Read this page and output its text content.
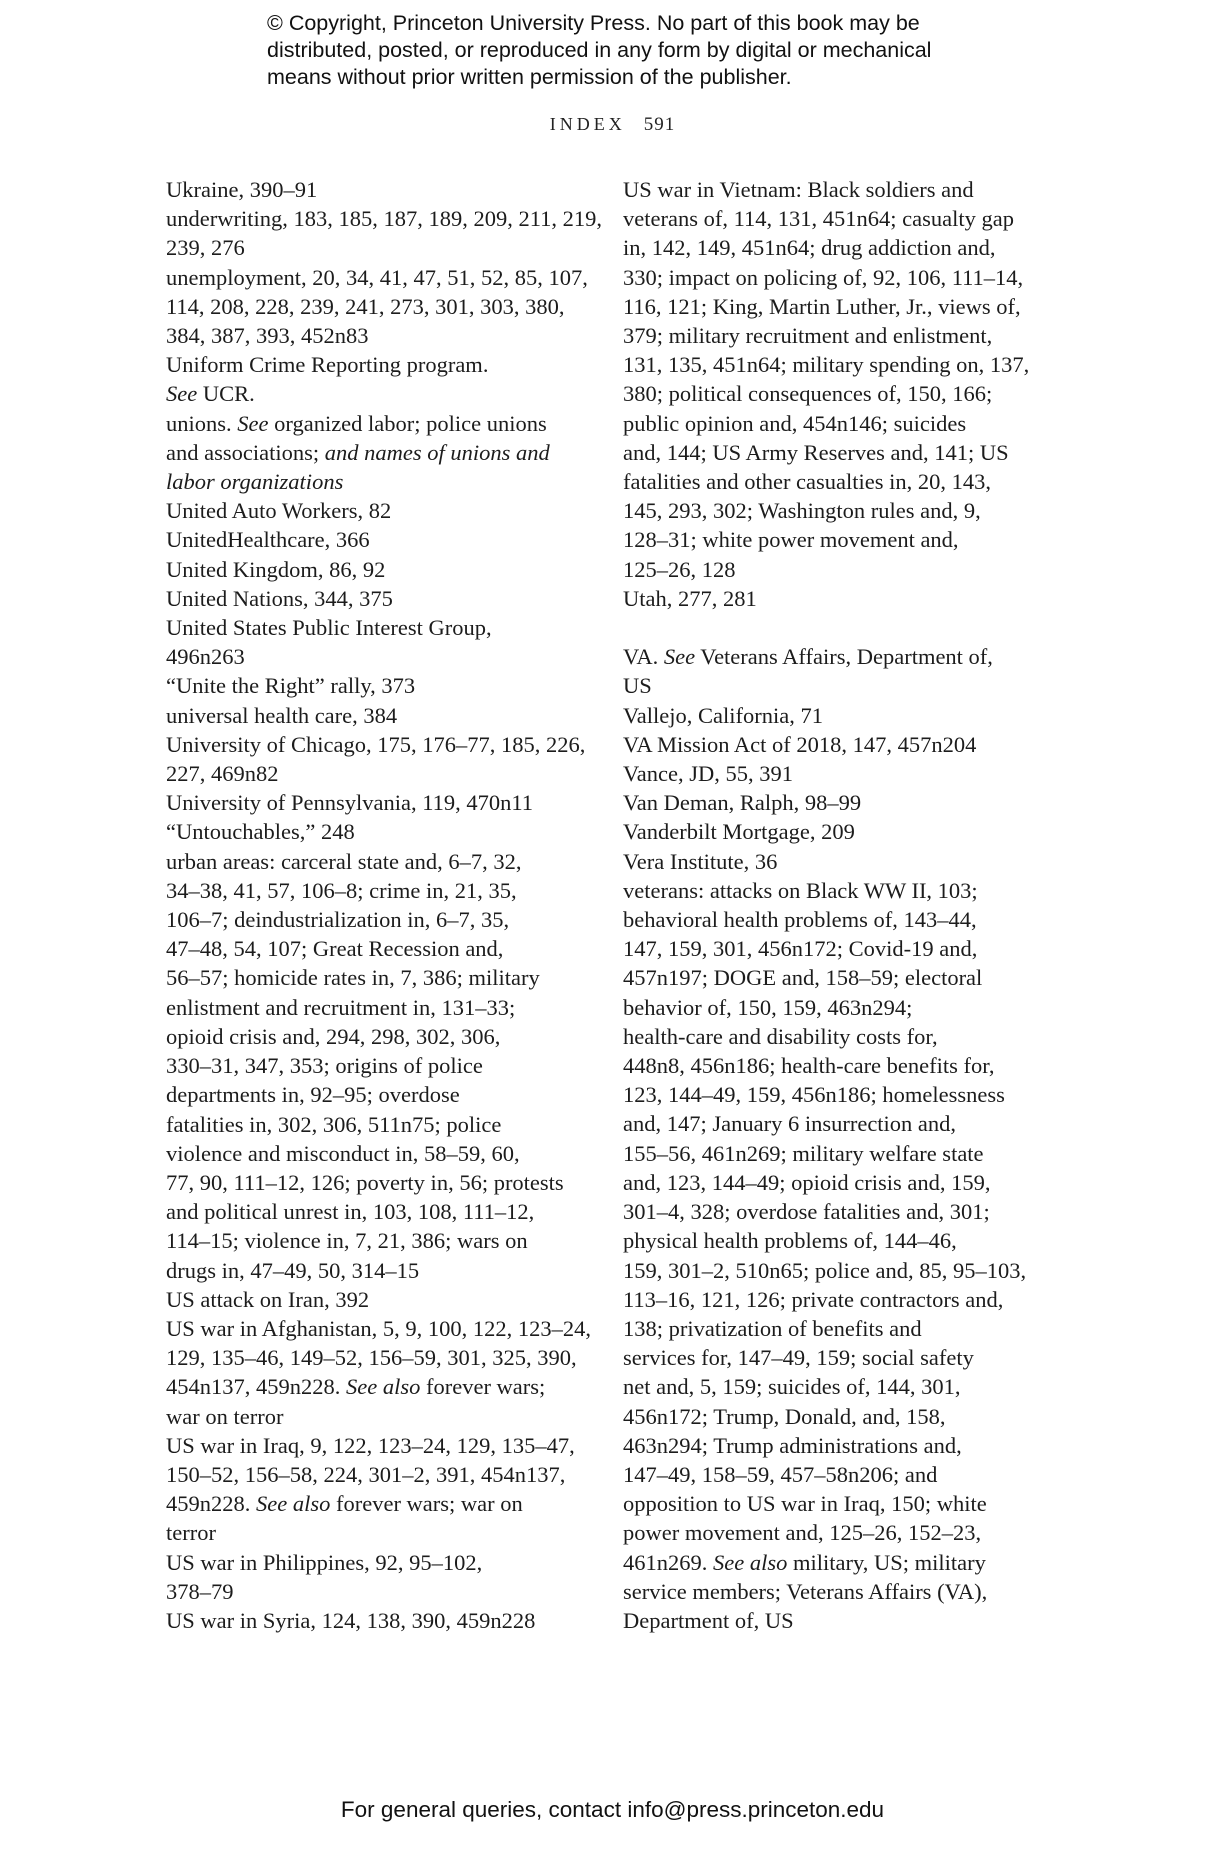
© Copyright, Princeton University Press. No part of this book may be
distributed, posted, or reproduced in any form by digital or mechanical
means without prior written permission of the publisher.
INDEX 591
Ukraine, 390–91
underwriting, 183, 185, 187, 189, 209, 211, 219,
239, 276
unemployment, 20, 34, 41, 47, 51, 52, 85, 107,
114, 208, 228, 239, 241, 273, 301, 303, 380,
384, 387, 393, 452n83
Uniform Crime Reporting program.
See UCR.
unions. See organized labor; police unions
and associations; and names of unions and
labor organizations
United Auto Workers, 82
UnitedHealthcare, 366
United Kingdom, 86, 92
United Nations, 344, 375
United States Public Interest Group,
496n263
“Unite the Right” rally, 373
universal health care, 384
University of Chicago, 175, 176–77, 185, 226,
227, 469n82
University of Pennsylvania, 119, 470n11
“Untouchables,” 248
urban areas: carceral state and, 6–7, 32,
34–38, 41, 57, 106–8; crime in, 21, 35,
106–7; deindustrialization in, 6–7, 35,
47–48, 54, 107; Great Recession and,
56–57; homicide rates in, 7, 386; military
enlistment and recruitment in, 131–33;
opioid crisis and, 294, 298, 302, 306,
330–31, 347, 353; origins of police
departments in, 92–95; overdose
fatalities in, 302, 306, 511n75; police
violence and misconduct in, 58–59, 60,
77, 90, 111–12, 126; poverty in, 56; protests
and political unrest in, 103, 108, 111–12,
114–15; violence in, 7, 21, 386; wars on
drugs in, 47–49, 50, 314–15
US attack on Iran, 392
US war in Afghanistan, 5, 9, 100, 122, 123–24,
129, 135–46, 149–52, 156–59, 301, 325, 390,
454n137, 459n228. See also forever wars;
war on terror
US war in Iraq, 9, 122, 123–24, 129, 135–47,
150–52, 156–58, 224, 301–2, 391, 454n137,
459n228. See also forever wars; war on
terror
US war in Philippines, 92, 95–102,
378–79
US war in Syria, 124, 138, 390, 459n228
US war in Vietnam: Black soldiers and
veterans of, 114, 131, 451n64; casualty gap
in, 142, 149, 451n64; drug addiction and,
330; impact on policing of, 92, 106, 111–14,
116, 121; King, Martin Luther, Jr., views of,
379; military recruitment and enlistment,
131, 135, 451n64; military spending on, 137,
380; political consequences of, 150, 166;
public opinion and, 454n146; suicides
and, 144; US Army Reserves and, 141; US
fatalities and other casualties in, 20, 143,
145, 293, 302; Washington rules and, 9,
128–31; white power movement and,
125–26, 128
Utah, 277, 281
VA. See Veterans Affairs, Department of,
US
Vallejo, California, 71
VA Mission Act of 2018, 147, 457n204
Vance, JD, 55, 391
Van Deman, Ralph, 98–99
Vanderbilt Mortgage, 209
Vera Institute, 36
veterans: attacks on Black WW II, 103;
behavioral health problems of, 143–44,
147, 159, 301, 456n172; Covid-19 and,
457n197; DOGE and, 158–59; electoral
behavior of, 150, 159, 463n294;
health-care and disability costs for,
448n8, 456n186; health-care benefits for,
123, 144–49, 159, 456n186; homelessness
and, 147; January 6 insurrection and,
155–56, 461n269; military welfare state
and, 123, 144–49; opioid crisis and, 159,
301–4, 328; overdose fatalities and, 301;
physical health problems of, 144–46,
159, 301–2, 510n65; police and, 85, 95–103,
113–16, 121, 126; private contractors and,
138; privatization of benefits and
services for, 147–49, 159; social safety
net and, 5, 159; suicides of, 144, 301,
456n172; Trump, Donald, and, 158,
463n294; Trump administrations and,
147–49, 158–59, 457–58n206; and
opposition to US war in Iraq, 150; white
power movement and, 125–26, 152–23,
461n269. See also military, US; military
service members; Veterans Affairs (VA),
Department of, US
For general queries, contact info@press.princeton.edu
